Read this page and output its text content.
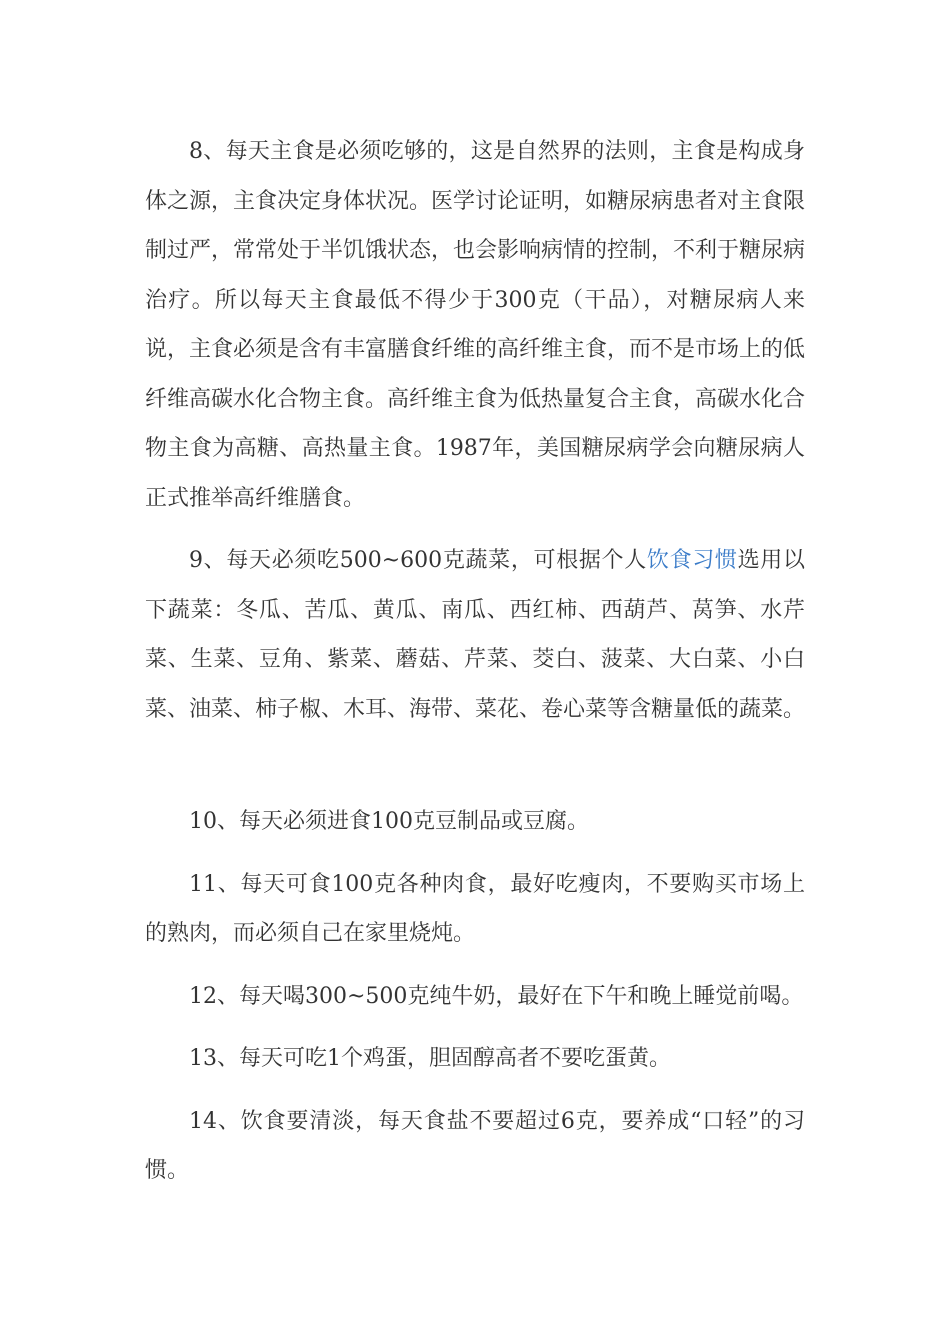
8、每天主食是必须吃够的，这是自然界的法则，主食是构成身体之源，主食决定身体状况。医学讨论证明，如糖尿病患者对主食限制过严，常常处于半饥饿状态，也会影响病情的控制，不利于糖尿病治疗。所以每天主食最低不得少于300克（干品），对糖尿病人来说，主食必须是含有丰富膳食纤维的高纤维主食，而不是市场上的低纤维高碳水化合物主食。高纤维主食为低热量复合主食，高碳水化合物主食为高糖、高热量主食。1987年，美国糖尿病学会向糖尿病人正式推举高纤维膳食。

9、每天必须吃500~600克蔬菜，可根据个人饮食习惯选用以下蔬菜：冬瓜、苦瓜、黄瓜、南瓜、西红柿、西葫芦、莴笋、水芹菜、生菜、豆角、紫菜、蘑菇、芹菜、茭白、菠菜、大白菜、小白菜、油菜、柿子椒、木耳、海带、菜花、卷心菜等含糖量低的蔬菜。

10、每天必须进食100克豆制品或豆腐。

11、每天可食100克各种肉食，最好吃瘦肉，不要购买市场上的熟肉，而必须自己在家里烧炖。

12、每天喝300~500克纯牛奶，最好在下午和晚上睡觉前喝。

13、每天可吃1个鸡蛋，胆固醇高者不要吃蛋黄。

14、饮食要清淡，每天食盐不要超过6克，要养成“口轻”的习惯。
